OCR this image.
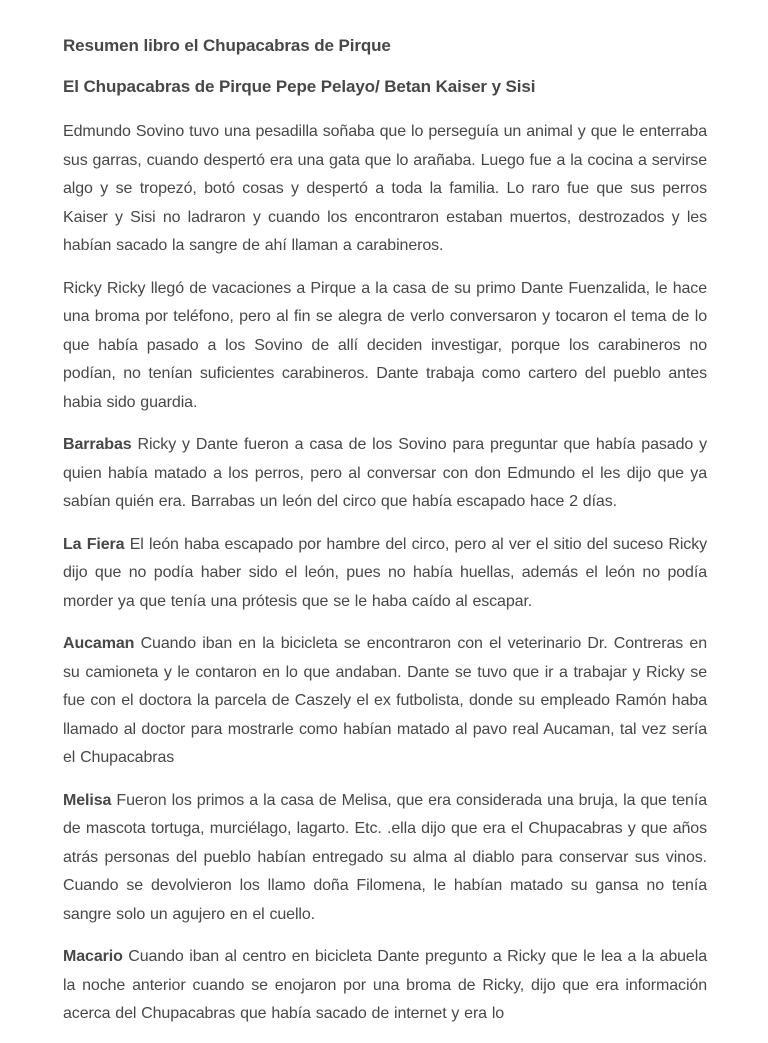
Resumen libro el Chupacabras de Pirque
El Chupacabras de Pirque Pepe Pelayo/ Betan Kaiser y Sisi

Edmundo Sovino tuvo una pesadilla soñaba que lo perseguía un animal y que le enterraba sus garras, cuando despertó era una gata que lo arañaba. Luego fue a la cocina a servirse algo y se tropezó, botó cosas y despertó a toda la familia. Lo raro fue que sus perros Kaiser y Sisi no ladraron y cuando los encontraron estaban muertos, destrozados y les habían sacado la sangre de ahí llaman a carabineros.

Ricky Ricky llegó de vacaciones a Pirque a la casa de su primo Dante Fuenzalida, le hace una broma por teléfono, pero al fin se alegra de verlo conversaron y tocaron el tema de lo que había pasado a los Sovino de allí deciden investigar, porque los carabineros no podían, no tenían suficientes carabineros. Dante trabaja como cartero del pueblo antes habia sido guardia.

Barrabas Ricky y Dante fueron a casa de los Sovino para preguntar que había pasado y quien había matado a los perros, pero al conversar con don Edmundo el les dijo que ya sabían quién era. Barrabas un león del circo que había escapado hace 2 días.

La Fiera El león haba escapado por hambre del circo, pero al ver el sitio del suceso Ricky dijo que no podía haber sido el león, pues no había huellas, además el león no podía morder ya que tenía una prótesis que se le haba caído al escapar.

Aucaman Cuando iban en la bicicleta se encontraron con el veterinario Dr. Contreras en su camioneta y le contaron en lo que andaban. Dante se tuvo que ir a trabajar y Ricky se fue con el doctora la parcela de Caszely el ex futbolista, donde su empleado Ramón haba llamado al doctor para mostrarle como habían matado al pavo real Aucaman, tal vez sería el Chupacabras

Melisa Fueron los primos a la casa de Melisa, que era considerada una bruja, la que tenía de mascota tortuga, murciélago, lagarto. Etc. .ella dijo que era el Chupacabras y que años atrás personas del pueblo habían entregado su alma al diablo para conservar sus vinos. Cuando se devolvieron los llamo doña Filomena, le habían matado su gansa no tenía sangre solo un agujero en el cuello.

Macario Cuando iban al centro en bicicleta Dante pregunto a Ricky que le lea a la abuela la noche anterior cuando se enojaron por una broma de Ricky, dijo que era información acerca del Chupacabras que había sacado de internet y era lo
